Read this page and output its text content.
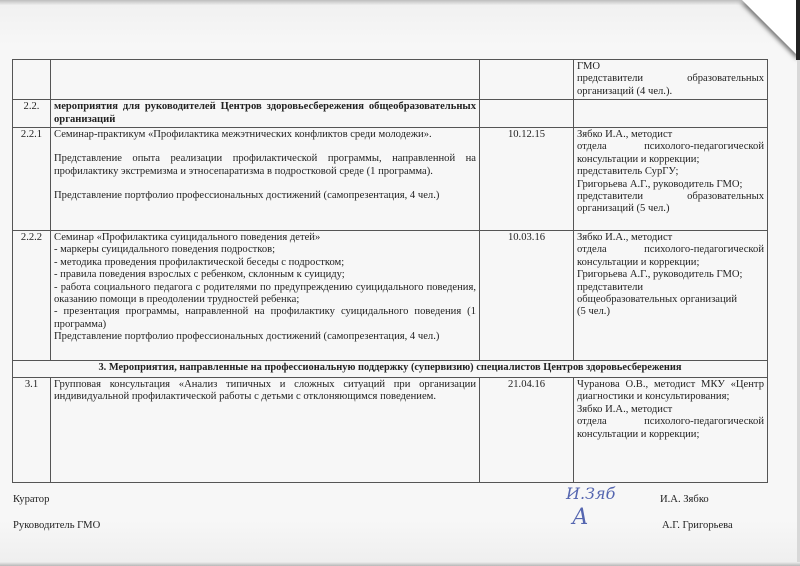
			ГМО
представители образовательных организаций (4 чел.).

2.2.	мероприятия для руководителей Центров здоровьесбережения общеобразовательных организаций		
2.2.1	Семинар-практикум «Профилактика межэтнических конфликтов среди молодежи».
Представление опыта реализации профилактической программы, направленной на профилактику экстремизма и этносепаратизма в подростковой среде (1 программа).
Представление портфолио профессиональных достижений (самопрезентация, 4 чел.)
	10.12.15	Зябко И.А., методист
отдела психолого-педагогической консультации и коррекции;
представитель СурГУ;
Григорьева А.Г., руководитель ГМО;
представители образовательных организаций (5 чел.)

2.2.2	Семинар «Профилактика суицидального поведения детей»
- маркеры суицидального поведения подростков;
- методика проведения профилактической беседы с подростком;
- правила поведения взрослых с ребенком, склонным к суициду;
- работа социального педагога с родителями по предупреждению суицидального поведения, оказанию помощи в преодолении трудностей ребенка;
- презентация программы, направленной на профилактику суицидального поведения (1 программа)
Представление портфолио профессиональных достижений (самопрезентация, 4 чел.)
	10.03.16	Зябко И.А., методист
отдела психолого-педагогической консультации и коррекции;
Григорьева А.Г., руководитель ГМО;
представители
общеобразовательных организаций
(5 чел.)

3. Мероприятия, направленные на профессиональную поддержку (супервизию) специалистов Центров здоровьесбережения			
3.1	Групповая консультация «Анализ типичных и сложных ситуаций при организации индивидуальной профилактической работы с детьми с отклоняющимся поведением.	21.04.16	Чуранова О.В., методист МКУ «Центр диагностики и консультирования;
Зябко И.А., методист
отдела психолого-педагогической консультации и коррекции;
Куратор	И.Зяб	И.А. Зябко
Руководитель ГМО	А	А.Г. Григорьева
